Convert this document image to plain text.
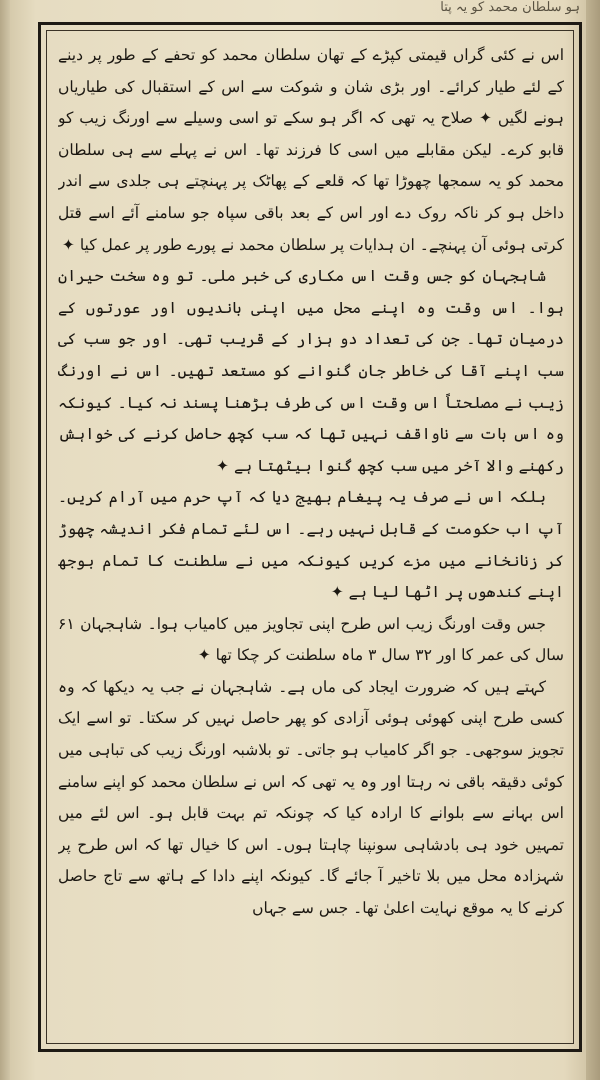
ہو سلطان محمد کو یہ پتا

اس نے کئی گراں قیمتی کپڑے کے تھان سلطان محمد کو تحفے کے طور پر دینے کے لئے طیار کرائے۔ اور بڑی شان و شوکت سے اس کے استقبال کی طیاریاں ہونے لگیں ✦ صلاح یہ تھی کہ اگر ہو سکے تو اسی وسیلے سے اورنگ زیب کو قابو کرے۔ لیکن مقابلے میں اسی کا فرزند تھا۔ اس نے پہلے سے ہی سلطان محمد کو یہ سمجھا چھوڑا تھا کہ قلعے کے پھاٹک پر پہنچتے ہی جلدی سے اندر داخل ہو کر ناکہ روک دے اور اس کے بعد باقی سپاہ جو سامنے آئے اسے قتل کرتی ہوئی آن پہنچے۔ ان ہدایات پر سلطان محمد نے پورے طور پر عمل کیا ✦

شاہجہان کو جس وقت اس مکاری کی خبر ملی۔ تو وہ سخت حیران ہوا۔ اس وقت وہ اپنے محل میں اپنی باندیوں اور عورتوں کے درمیان تھا۔ جن کی تعداد دو ہزار کے قریب تھی۔ اور جو سب کی سب اپنے آقا کی خاطر جان گنوانے کو مستعد تھیں۔ اس نے اورنگ زیب نے مصلحتاً اس وقت اس کی طرف بڑھنا پسند نہ کیا۔ کیونکہ وہ اس بات سے ناواقف نہیں تھا کہ سب کچھ حاصل کرنے کی خواہش رکھنے والا آخر میں سب کچھ گنوا بیٹھتا ہے ✦

بلکہ اس نے صرف یہ پیغام بھیج دیا کہ آپ حرم میں آرام کریں۔ آپ اب حکومت کے قابل نہیں رہے۔ اس لئے تمام فکر اندیشہ چھوڑ کر زنانخانے میں مزے کریں کیونکہ میں نے سلطنت کا تمام بوجھ اپنے کندھوں پر اٹھا لیا ہے ✦

جس وقت اورنگ زیب اس طرح اپنی تجاویز میں کامیاب ہوا۔ شاہجہان ۶۱ سال کی عمر کا اور ۳۲ سال ۳ ماہ سلطنت کر چکا تھا ✦

کہتے ہیں کہ ضرورت ایجاد کی ماں ہے۔ شاہجہان نے جب یہ دیکھا کہ وہ کسی طرح اپنی کھوئی ہوئی آزادی کو پھر حاصل نہیں کر سکتا۔ تو اسے ایک تجویز سوجھی۔ جو اگر کامیاب ہو جاتی۔ تو بلاشبہ اورنگ زیب کی تباہی میں کوئی دقیقہ باقی نہ رہتا اور وہ یہ تھی کہ اس نے سلطان محمد کو اپنے سامنے اس بہانے سے بلوانے کا ارادہ کیا کہ چونکہ تم بہت قابل ہو۔ اس لئے میں تمہیں خود ہی بادشاہی سونپنا چاہتا ہوں۔ اس کا خیال تھا کہ اس طرح پر شہزادہ محل میں بلا تاخیر آ جائے گا۔ کیونکہ اپنے دادا کے ہاتھ سے تاج حاصل کرنے کا یہ موقع نہایت اعلیٰ تھا۔ جس سے جہاں
